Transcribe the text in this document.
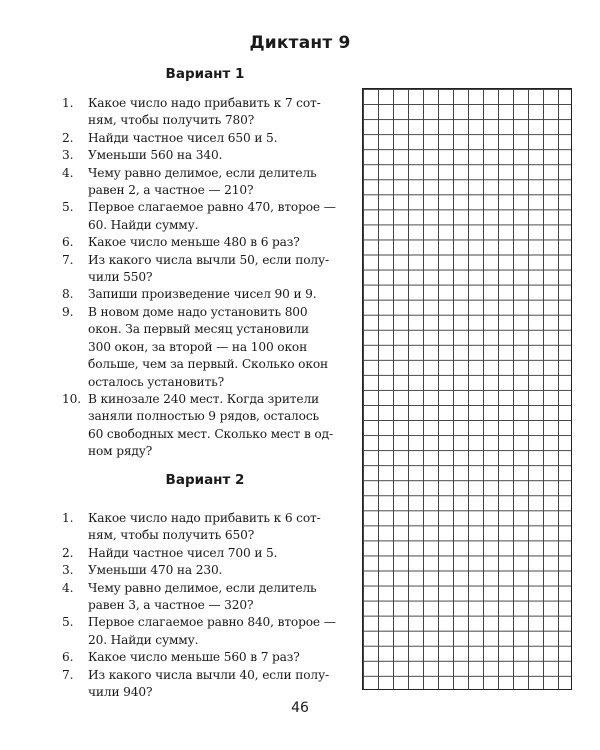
Диктант 9
Вариант 1
1.	Какое число надо прибавить к 7 сот-
ням, чтобы получить 780?
2.	Найди частное чисел 650 и 5.
3.	Уменьши 560 на 340.
4.	Чему равно делимое, если делитель
равен 2, а частное — 210?
5.	Первое слагаемое равно 470, второе —
60. Найди сумму.
6.	Какое число меньше 480 в 6 раз?
7.	Из какого числа вычли 50, если полу-
чили 550?
8.	Запиши произведение чисел 90 и 9.
9.	В новом доме надо установить 800
окон. За первый месяц установили
300 окон, за второй — на 100 окон
больше, чем за первый. Сколько окон
осталось установить?
10. В кинозале 240 мест. Когда зрители
заняли полностью 9 рядов, осталось
60 свободных мест. Сколько мест в од-
ном ряду?
Вариант 2
1.	Какое число надо прибавить к 6 сот-
ням, чтобы получить 650?
2.	Найди частное чисел 700 и 5.
3.	Уменьши 470 на 230.
4.	Чему равно делимое, если делитель
равен 3, а частное — 320?
5.	Первое слагаемое равно 840, второе —
20. Найди сумму.
6.	Какое число меньше 560 в 7 раз?
7.	Из какого числа вычли 40, если полу-
чили 940?
46
